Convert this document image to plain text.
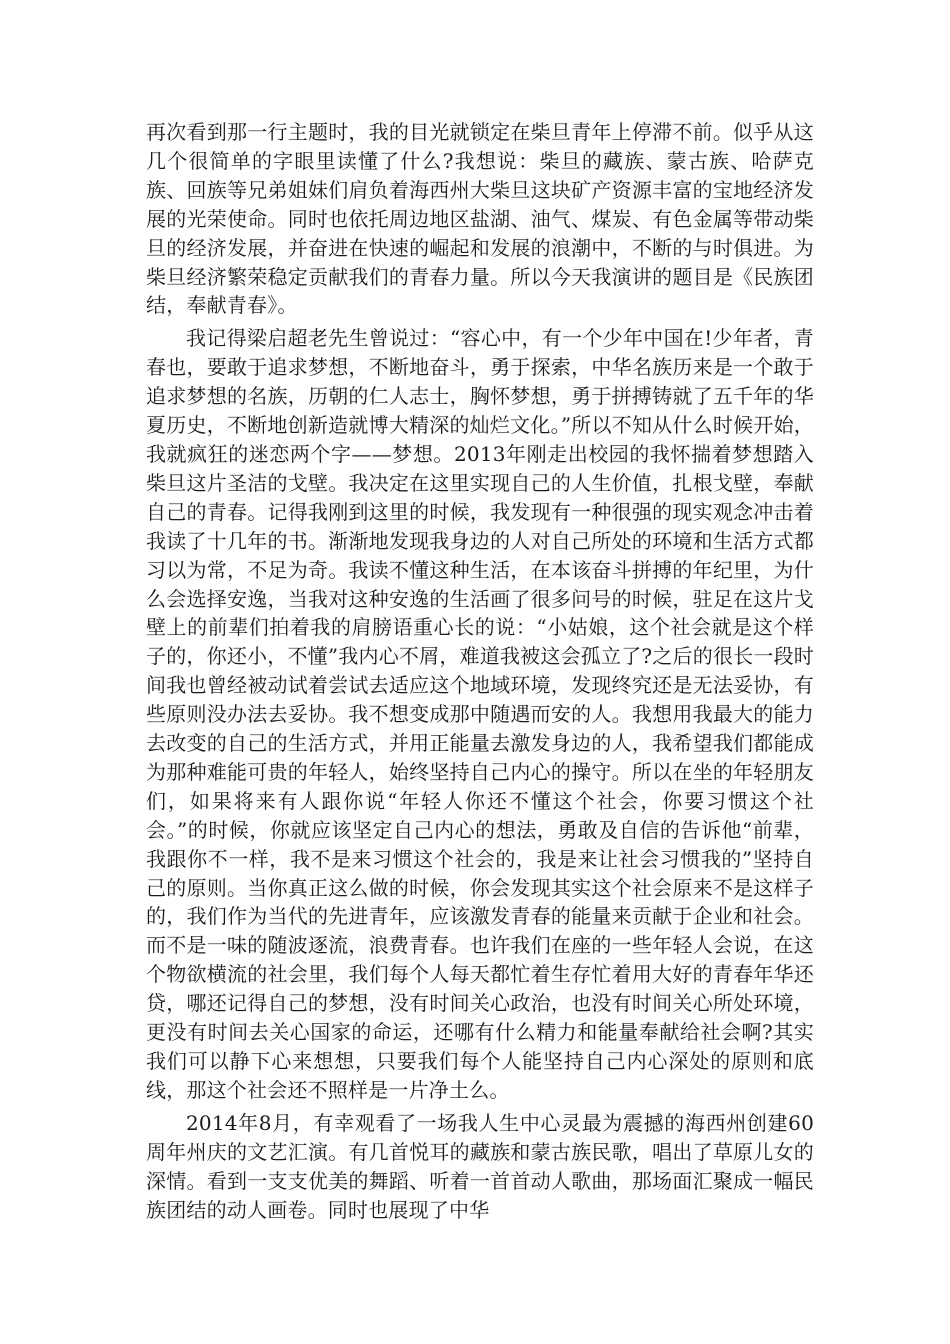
再次看到那一行主题时，我的目光就锁定在柴旦青年上停滞不前。似乎从这几个很简单的字眼里读懂了什么?我想说：柴旦的藏族、蒙古族、哈萨克族、回族等兄弟姐妹们肩负着海西州大柴旦这块矿产资源丰富的宝地经济发展的光荣使命。同时也依托周边地区盐湖、油气、煤炭、有色金属等带动柴旦的经济发展，并奋进在快速的崛起和发展的浪潮中，不断的与时俱进。为柴旦经济繁荣稳定贡献我们的青春力量。所以今天我演讲的题目是《民族团结，奉献青春》。

我记得梁启超老先生曾说过：“容心中，有一个少年中国在!少年者，青春也，要敢于追求梦想，不断地奋斗，勇于探索，中华名族历来是一个敢于追求梦想的名族，历朝的仁人志士，胸怀梦想，勇于拼搏铸就了五千年的华夏历史，不断地创新造就博大精深的灿烂文化。”所以不知从什么时候开始，我就疯狂的迷恋两个字——梦想。2013年刚走出校园的我怀揣着梦想踏入柴旦这片圣洁的戈壁。我决定在这里实现自己的人生价值，扎根戈壁，奉献自己的青春。记得我刚到这里的时候，我发现有一种很强的现实观念冲击着我读了十几年的书。渐渐地发现我身边的人对自己所处的环境和生活方式都习以为常，不足为奇。我读不懂这种生活，在本该奋斗拼搏的年纪里，为什么会选择安逸，当我对这种安逸的生活画了很多问号的时候，驻足在这片戈壁上的前辈们拍着我的肩膀语重心长的说：“小姑娘，这个社会就是这个样子的，你还小，不懂”我内心不屑，难道我被这会孤立了?之后的很长一段时间我也曾经被动试着尝试去适应这个地域环境，发现终究还是无法妥协，有些原则没办法去妥协。我不想变成那中随遇而安的人。我想用我最大的能力去改变的自己的生活方式，并用正能量去激发身边的人，我希望我们都能成为那种难能可贵的年轻人，始终坚持自己内心的操守。所以在坐的年轻朋友们，如果将来有人跟你说“年轻人你还不懂这个社会，你要习惯这个社会。”的时候，你就应该坚定自己内心的想法，勇敢及自信的告诉他“前辈，我跟你不一样，我不是来习惯这个社会的，我是来让社会习惯我的”坚持自己的原则。当你真正这么做的时候，你会发现其实这个社会原来不是这样子的，我们作为当代的先进青年，应该激发青春的能量来贡献于企业和社会。而不是一味的随波逐流，浪费青春。也许我们在座的一些年轻人会说，在这个物欲横流的社会里，我们每个人每天都忙着生存忙着用大好的青春年华还贷，哪还记得自己的梦想，没有时间关心政治，也没有时间关心所处环境，更没有时间去关心国家的命运，还哪有什么精力和能量奉献给社会啊?其实我们可以静下心来想想，只要我们每个人能坚持自己内心深处的原则和底线，那这个社会还不照样是一片净土么。

2014年8月，有幸观看了一场我人生中心灵最为震撼的海西州创建60周年州庆的文艺汇演。有几首悦耳的藏族和蒙古族民歌，唱出了草原儿女的深情。看到一支支优美的舞蹈、听着一首首动人歌曲，那场面汇聚成一幅民族团结的动人画卷。同时也展现了中华
